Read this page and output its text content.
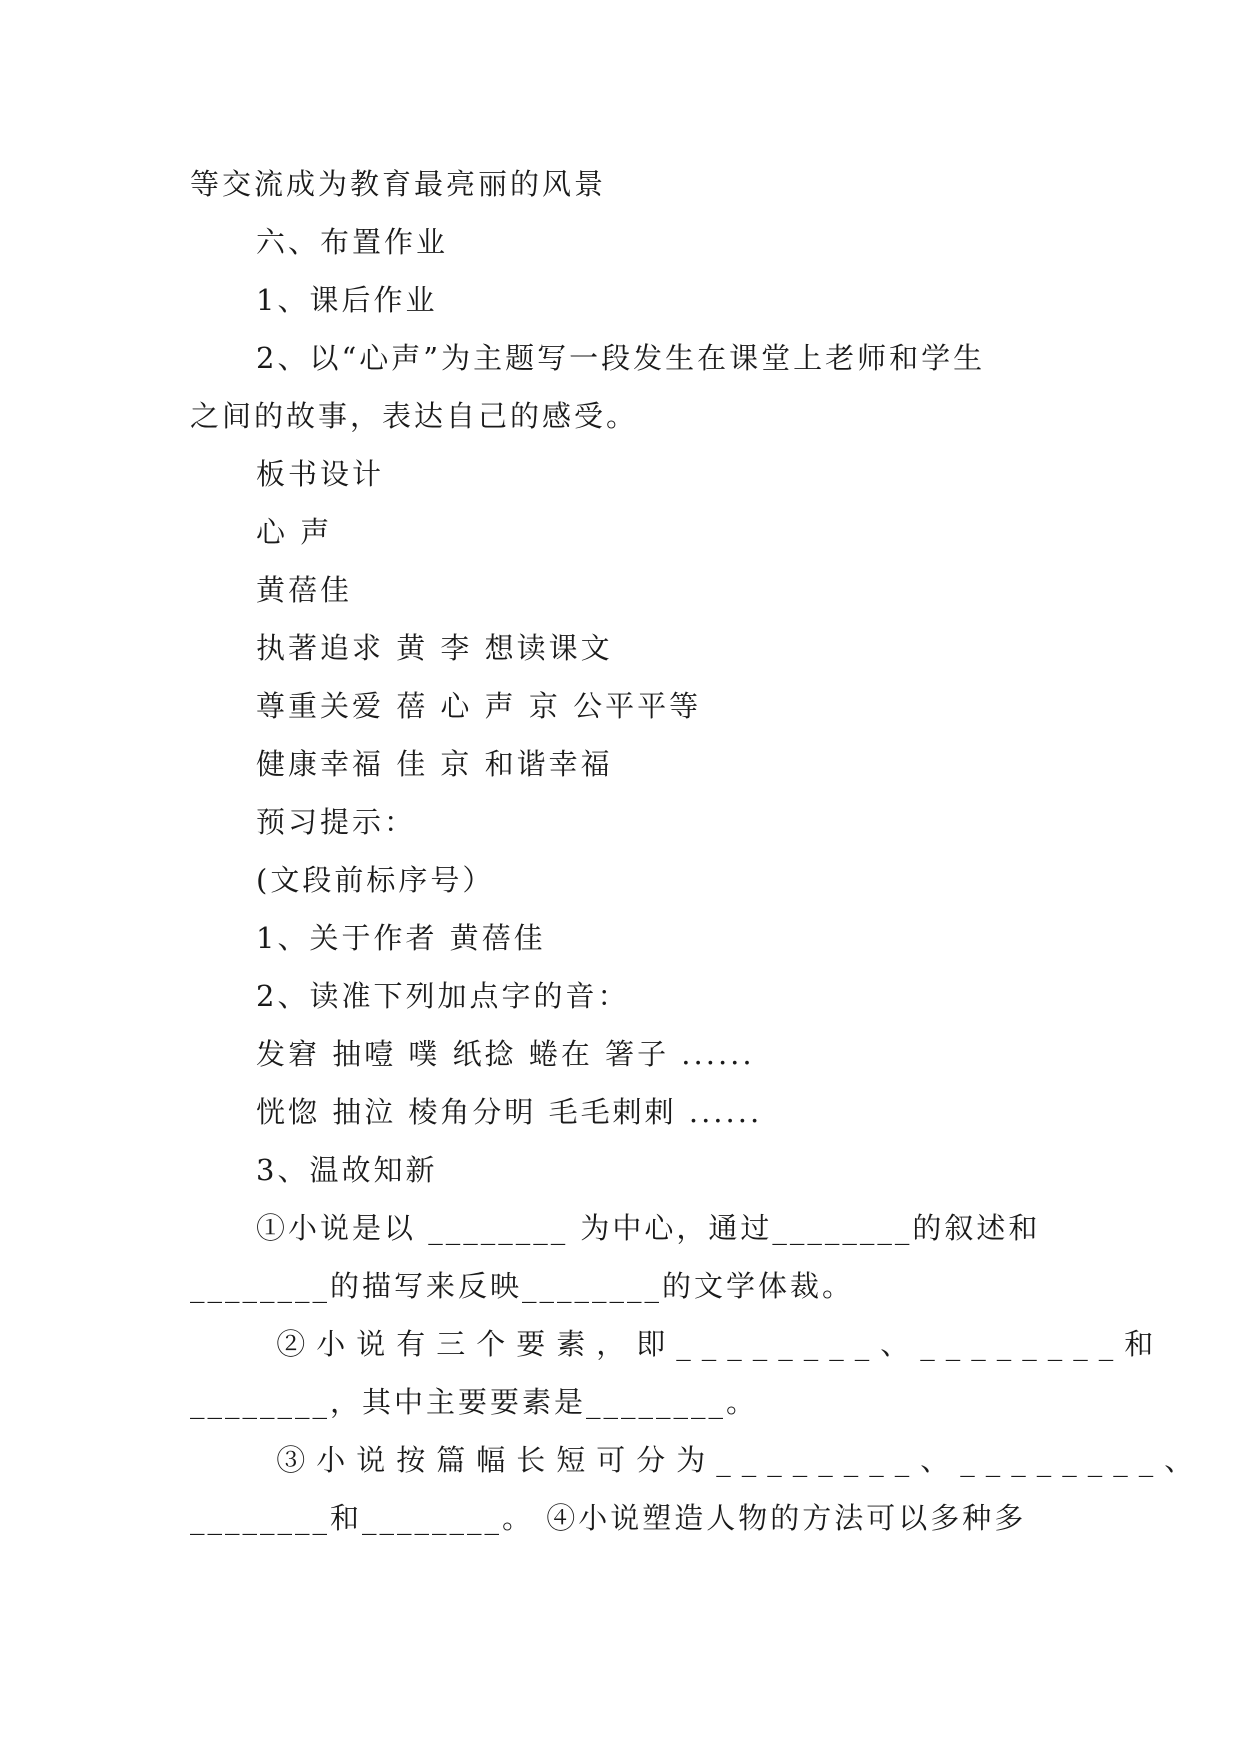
等交流成为教育最亮丽的风景
六、布置作业
1、课后作业
2、以“心声”为主题写一段发生在课堂上老师和学生
之间的故事，表达自己的感受。
板书设计
心 声
黄蓓佳
执著追求 黄 李 想读课文
尊重关爱 蓓 心 声 京 公平平等
健康幸福 佳 京 和谐幸福
预习提示：
(文段前标序号）
1、关于作者 黄蓓佳
2、读准下列加点字的音：
发窘 抽噎 噗 纸捻 蜷在 箸子 ......
恍惚 抽泣 棱角分明 毛毛剌剌 ......
3、温故知新
①小说是以 ________ 为中心，通过________的叙述和
________的描写来反映________的文学体裁。
②小说有三个要素，即________、________和
________，其中主要要素是________。
③小说按篇幅长短可分为________、________、
________和________。 ④小说塑造人物的方法可以多种多
